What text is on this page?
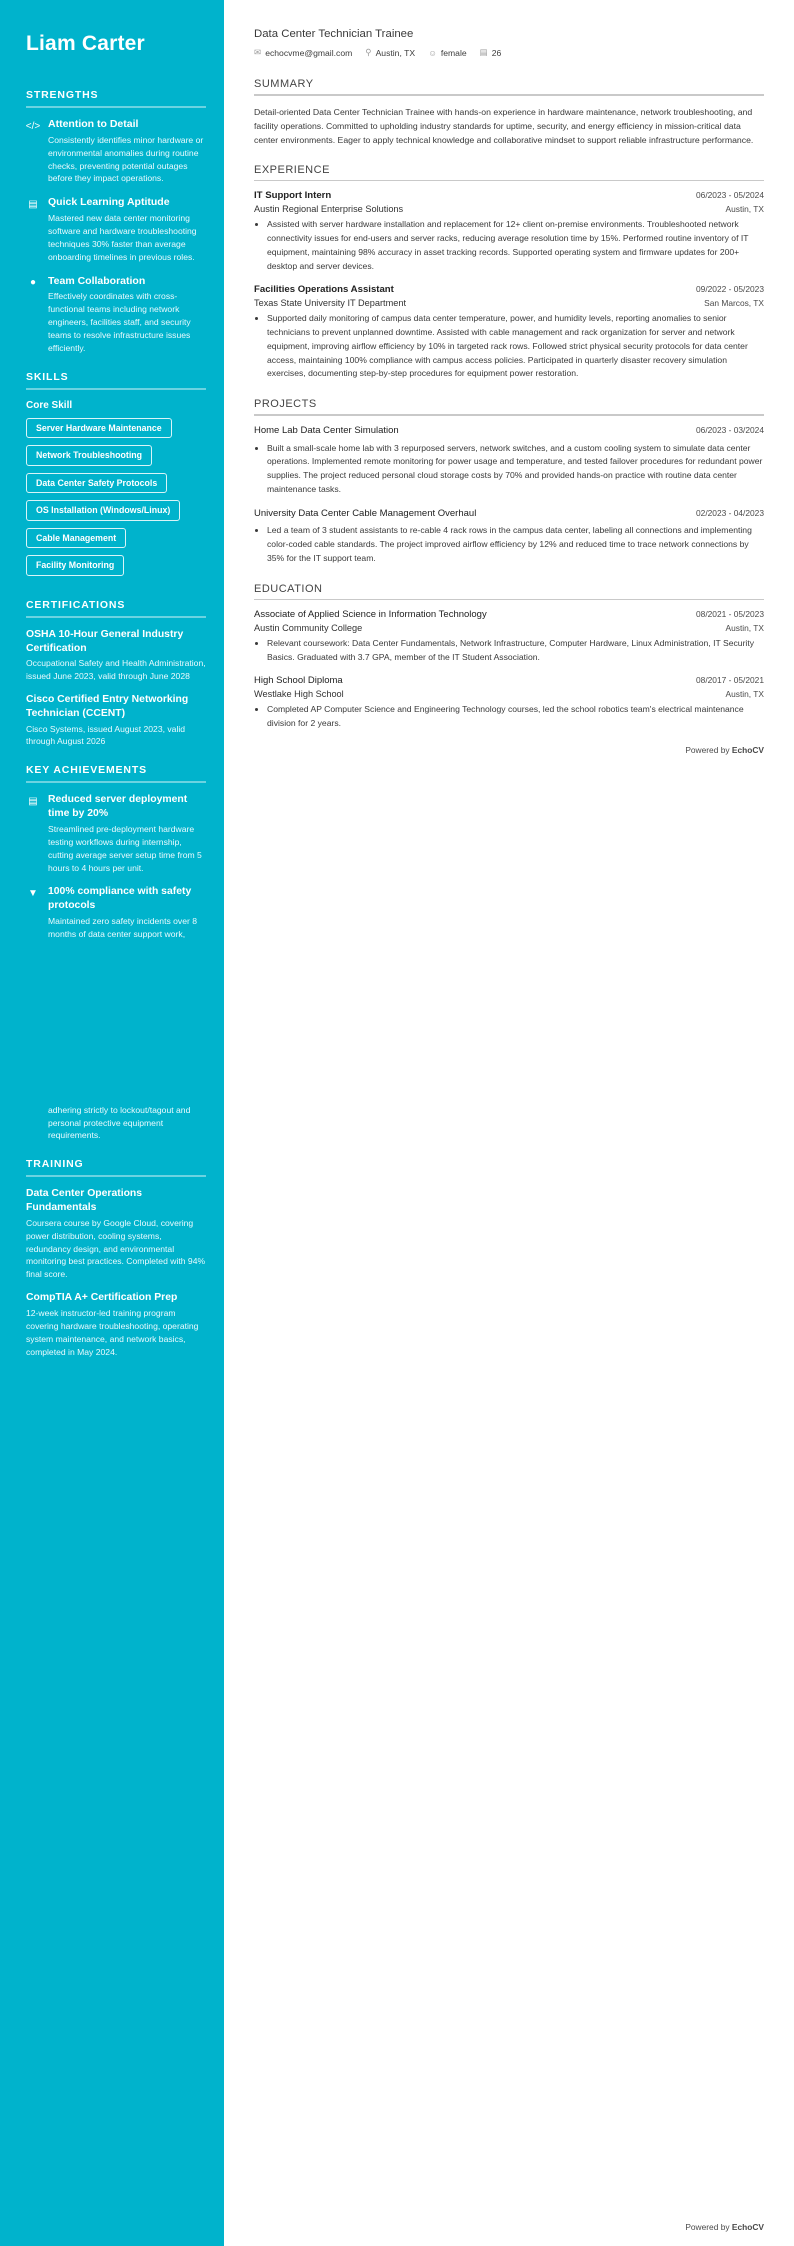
Liam Carter
STRENGTHS
</> Attention to Detail
Consistently identifies minor hardware or environmental anomalies during routine checks, preventing potential outages before they impact operations.
▤ Quick Learning Aptitude
Mastered new data center monitoring software and hardware troubleshooting techniques 30% faster than average onboarding timelines in previous roles.
●	Team Collaboration
Effectively coordinates with cross-functional teams including network engineers, facilities staff, and security teams to resolve infrastructure issues efficiently.
SKILLS
Core Skill
Server Hardware Maintenance
Network Troubleshooting
Data Center Safety Protocols
OS Installation (Windows/Linux)
Cable Management
Facility Monitoring
CERTIFICATIONS
OSHA 10-Hour General Industry Certification
Occupational Safety and Health Administration, issued June 2023, valid through June 2028
Cisco Certified Entry Networking Technician (CCENT)
Cisco Systems, issued August 2023, valid through August 2026
KEY ACHIEVEMENTS
▤ Reduced server deployment time by 20%
Streamlined pre-deployment hardware testing workflows during internship, cutting average server setup time from 5 hours to 4 hours per unit.
▼ 100% compliance with safety protocols
Maintained zero safety incidents over 8 months of data center support work,
adhering strictly to lockout/tagout and personal protective equipment requirements.
TRAINING
Data Center Operations Fundamentals
Coursera course by Google Cloud, covering power distribution, cooling systems, redundancy design, and environmental monitoring best practices. Completed with 94% final score.
CompTIA A+ Certification Prep
12-week instructor-led training program covering hardware troubleshooting, operating system maintenance, and network basics, completed in May 2024.
Data Center Technician Trainee
✉ echocvme@gmail.com ⚲ Austin, TX ☺ female ▤ 26
SUMMARY
Detail-oriented Data Center Technician Trainee with hands-on experience in hardware maintenance, network troubleshooting, and facility operations. Committed to upholding industry standards for uptime, security, and energy efficiency in mission-critical data center environments. Eager to apply technical knowledge and collaborative mindset to support reliable infrastructure performance.
EXPERIENCE
IT Support Intern	06/2023 - 05/2024
Austin Regional Enterprise Solutions	Austin, TX
• Assisted with server hardware installation and replacement for 12+ client on-premise environments. Troubleshooted network connectivity issues for end-users and server racks, reducing average resolution time by 15%. Performed routine inventory of IT equipment, maintaining 98% accuracy in asset tracking records. Supported operating system and firmware updates for 200+ desktop and server devices.
Facilities Operations Assistant	09/2022 - 05/2023
Texas State University IT Department	San Marcos, TX
• Supported daily monitoring of campus data center temperature, power, and humidity levels, reporting anomalies to senior technicians to prevent unplanned downtime. Assisted with cable management and rack organization for server and network equipment, improving airflow efficiency by 10% in targeted rack rows. Followed strict physical security protocols for data center access, maintaining 100% compliance with campus access policies. Participated in quarterly disaster recovery simulation exercises, documenting step-by-step procedures for equipment power restoration.
PROJECTS
Home Lab Data Center Simulation	06/2023 - 03/2024
• Built a small-scale home lab with 3 repurposed servers, network switches, and a custom cooling system to simulate data center operations. Implemented remote monitoring for power usage and temperature, and tested failover procedures for redundant power supplies. The project reduced personal cloud storage costs by 70% and provided hands-on practice with routine data center maintenance tasks.
University Data Center Cable Management Overhaul	02/2023 - 04/2023
• Led a team of 3 student assistants to re-cable 4 rack rows in the campus data center, labeling all connections and implementing color-coded cable standards. The project improved airflow efficiency by 12% and reduced time to trace network connections by 35% for the IT support team.
EDUCATION
Associate of Applied Science in Information Technology	08/2021 - 05/2023
Austin Community College	Austin, TX
• Relevant coursework: Data Center Fundamentals, Network Infrastructure, Computer Hardware, Linux Administration, IT Security Basics. Graduated with 3.7 GPA, member of the IT Student Association.
High School Diploma	08/2017 - 05/2021
Westlake High School	Austin, TX
• Completed AP Computer Science and Engineering Technology courses, led the school robotics team's electrical maintenance division for 2 years.
Powered by EchoCV
Powered by EchoCV
